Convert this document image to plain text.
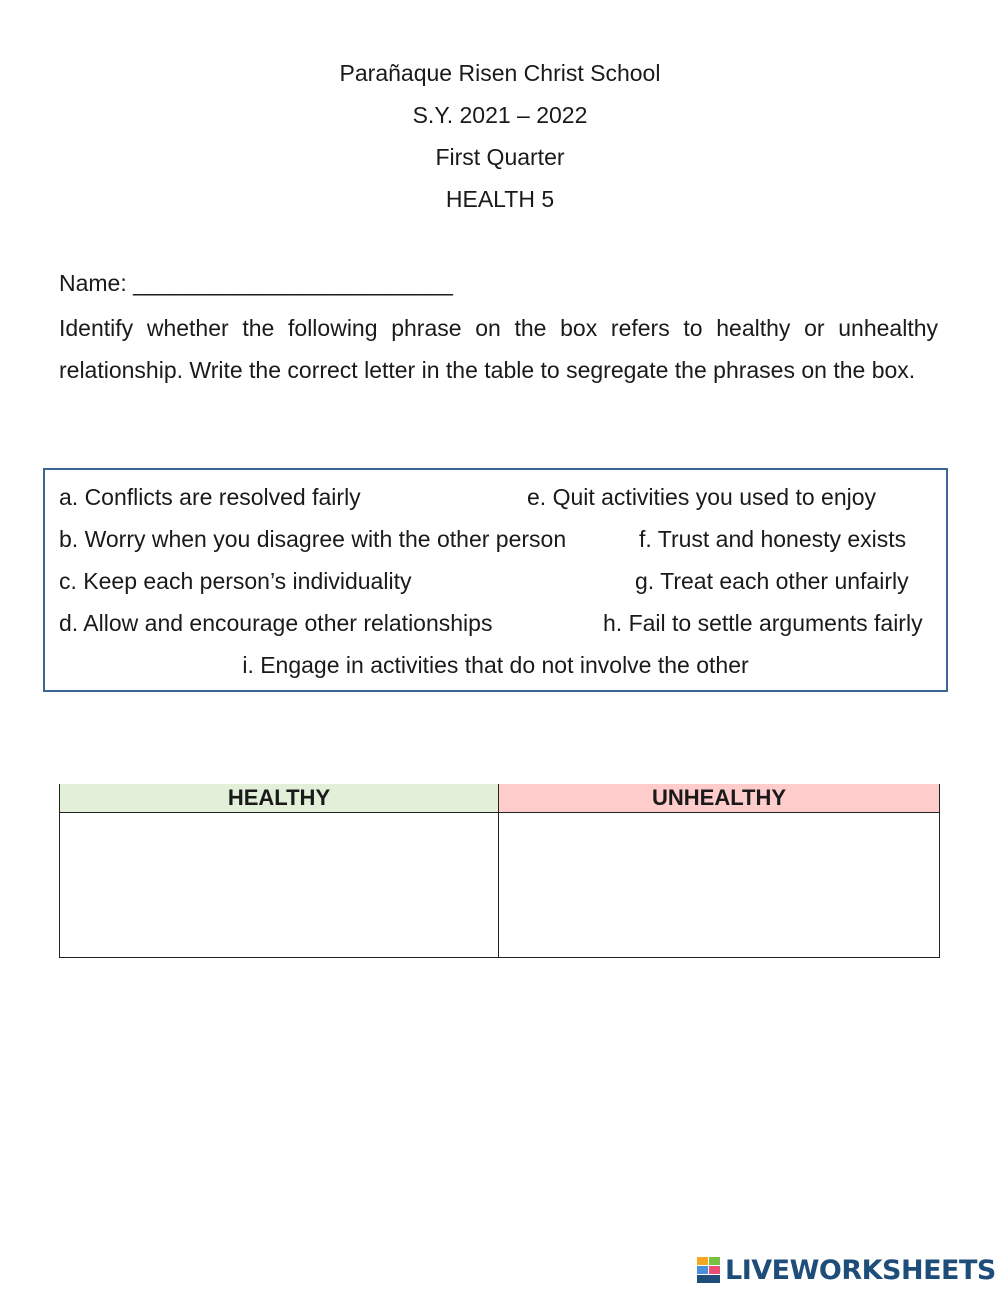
Parañaque Risen Christ School
S.Y. 2021 – 2022
First Quarter
HEALTH 5
Name: _________________________
Identify whether the following phrase on the box refers to healthy or unhealthy relationship. Write the correct letter in the table to segregate the phrases on the box.
a. Conflicts are resolved fairly	e. Quit activities you used to enjoy
b. Worry when you disagree with the other person	f. Trust and honesty exists
c. Keep each person’s individuality	g. Treat each other unfairly
d. Allow and encourage other relationships	h. Fail to settle arguments fairly
i. Engage in activities that do not involve the other
HEALTHY	UNHEALTHY

LIVEWORKSHEETS
